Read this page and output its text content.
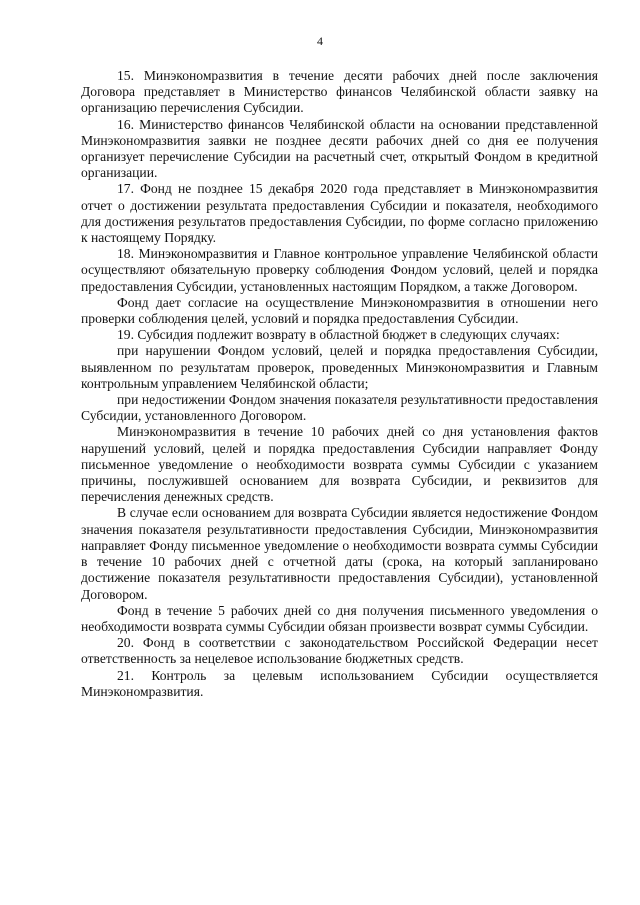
4

15. Минэкономразвития в течение десяти рабочих дней после заключения Договора представляет в Министерство финансов Челябинской области заявку на организацию перечисления Субсидии.

16. Министерство финансов Челябинской области на основании представленной Минэкономразвития заявки не позднее десяти рабочих дней со дня ее получения организует перечисление Субсидии на расчетный счет, открытый Фондом в кредитной организации.

17. Фонд не позднее 15 декабря 2020 года представляет в Минэкономразвития отчет о достижении результата предоставления Субсидии и показателя, необходимого для достижения результатов предоставления Субсидии, по форме согласно приложению к настоящему Порядку.

18. Минэкономразвития и Главное контрольное управление Челябинской области осуществляют обязательную проверку соблюдения Фондом условий, целей и порядка предоставления Субсидии, установленных настоящим Порядком, а также Договором.

Фонд дает согласие на осуществление Минэкономразвития в отношении него проверки соблюдения целей, условий и порядка предоставления Субсидии.

19. Субсидия подлежит возврату в областной бюджет в следующих случаях:

при нарушении Фондом условий, целей и порядка предоставления Субсидии, выявленном по результатам проверок, проведенных Минэкономразвития и Главным контрольным управлением Челябинской области;

при недостижении Фондом значения показателя результативности предоставления Субсидии, установленного Договором.

Минэкономразвития в течение 10 рабочих дней со дня установления фактов нарушений условий, целей и порядка предоставления Субсидии направляет Фонду письменное уведомление о необходимости возврата суммы Субсидии с указанием причины, послужившей основанием для возврата Субсидии, и реквизитов для перечисления денежных средств.

В случае если основанием для возврата Субсидии является недостижение Фондом значения показателя результативности предоставления Субсидии, Минэкономразвития направляет Фонду письменное уведомление о необходимости возврата суммы Субсидии в течение 10 рабочих дней с отчетной даты (срока, на который запланировано достижение показателя результативности предоставления Субсидии), установленной Договором.

Фонд в течение 5 рабочих дней со дня получения письменного уведомления о необходимости возврата суммы Субсидии обязан произвести возврат суммы Субсидии.

20. Фонд в соответствии с законодательством Российской Федерации несет ответственность за нецелевое использование бюджетных средств.

21. Контроль за целевым использованием Субсидии осуществляется Минэкономразвития.
